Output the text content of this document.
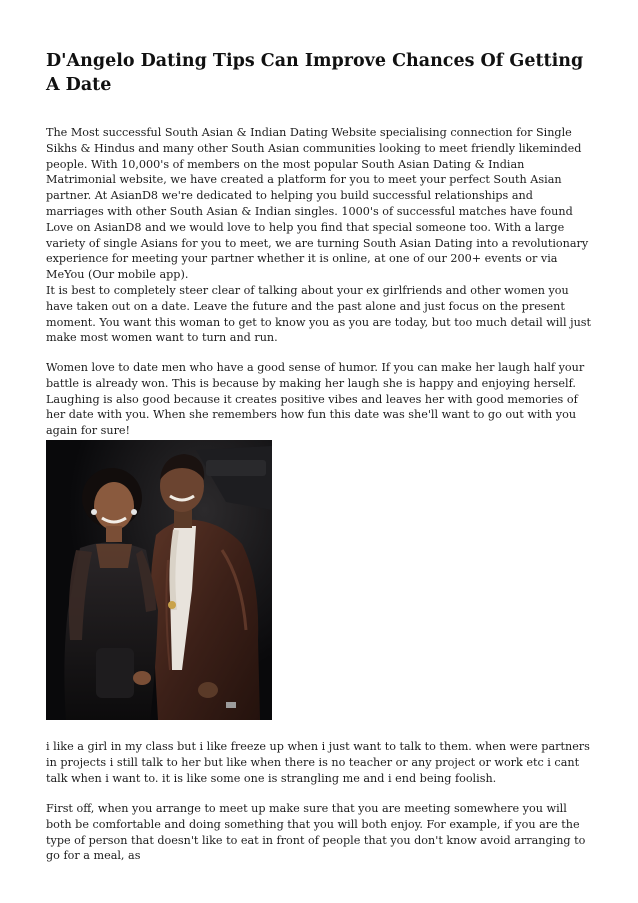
D'Angelo Dating Tips Can Improve Chances Of Getting A Date

The Most successful South Asian & Indian Dating Website specialising connection for Single Sikhs & Hindus and many other South Asian communities looking to meet friendly likeminded people. With 10,000's of members on the most popular South Asian Dating & Indian Matrimonial website, we have created a platform for you to meet your perfect South Asian partner. At AsianD8 we're dedicated to helping you build successful relationships and marriages with other South Asian & Indian singles. 1000's of successful matches have found Love on AsianD8 and we would love to help you find that special someone too. With a large variety of single Asians for you to meet, we are turning South Asian Dating into a revolutionary experience for meeting your partner whether it is online, at one of our 200+ events or via MeYou (Our mobile app).

It is best to completely steer clear of talking about your ex girlfriends and other women you have taken out on a date. Leave the future and the past alone and just focus on the present moment. You want this woman to get to know you as you are today, but too much detail will just make most women want to turn and run.

Women love to date men who have a good sense of humor. If you can make her laugh half your battle is already won. This is because by making her laugh she is happy and enjoying herself. Laughing is also good because it creates positive vibes and leaves her with good memories of her date with you. When she remembers how fun this date was she'll want to go out with you again for sure!

i like a girl in my class but i like freeze up when i just want to talk to them. when were partners in projects i still talk to her but like when there is no teacher or any project or work etc i cant talk when i want to. it is like some one is strangling me and i end being foolish.

First off, when you arrange to meet up make sure that you are meeting somewhere you will both be comfortable and doing something that you will both enjoy. For example, if you are the type of person that doesn't like to eat in front of people that you don't know avoid arranging to go for a meal, as
